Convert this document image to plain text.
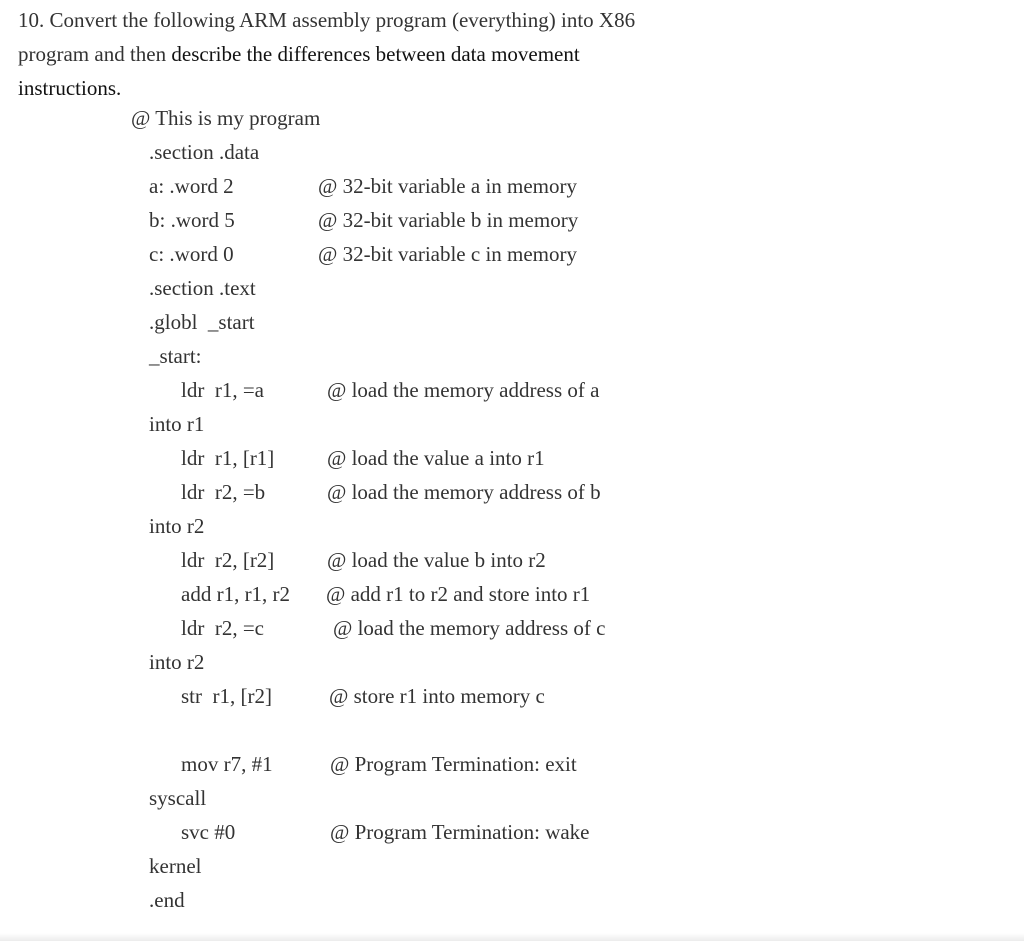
10. Convert the following ARM assembly program (everything) into X86 program and then describe the differences between data movement instructions.
@ This is my program
.section .data
a: .word 2	@ 32-bit variable a in memory
b: .word 5	@ 32-bit variable b in memory
c: .word 0	@ 32-bit variable c in memory
.section .text
.globl  _start
_start:
ldr  r1, =a	@ load the memory address of a
into r1
ldr  r1, [r1]	@ load the value a into r1
ldr  r2, =b	@ load the memory address of b
into r2
ldr  r2, [r2]	@ load the value b into r2
add r1, r1, r2 @ add r1 to r2 and store into r1
ldr  r2, =c	@ load the memory address of c
into r2
str  r1, [r2]	@ store r1 into memory c
mov r7, #1	@ Program Termination: exit
syscall
svc #0	@ Program Termination: wake
kernel
.end
